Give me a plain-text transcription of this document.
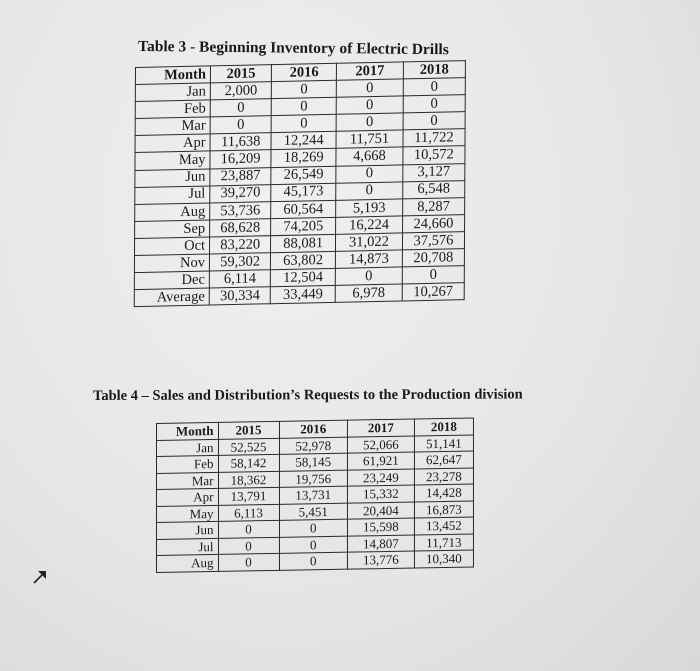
Table 3 - Beginning Inventory of Electric Drills
Month	2015	2016	2017	2018
Jan	2,000	0	0	0
Feb	0	0	0	0
Mar	0	0	0	0
Apr	11,638	12,244	11,751	11,722
May	16,209	18,269	4,668	10,572
Jun	23,887	26,549	0	3,127
Jul	39,270	45,173	0	6,548
Aug	53,736	60,564	5,193	8,287
Sep	68,628	74,205	16,224	24,660
Oct	83,220	88,081	31,022	37,576
Nov	59,302	63,802	14,873	20,708
Dec	6,114	12,504	0	0
Average	30,334	33,449	6,978	10,267
Table 4 – Sales and Distribution’s Requests to the Production division
Month	2015	2016	2017	2018
Jan	52,525	52,978	52,066	51,141
Feb	58,142	58,145	61,921	62,647
Mar	18,362	19,756	23,249	23,278
Apr	13,791	13,731	15,332	14,428
May	6,113	5,451	20,404	16,873
Jun	0	0	15,598	13,452
Jul	0	0	14,807	11,713
Aug	0	0	13,776	10,340
